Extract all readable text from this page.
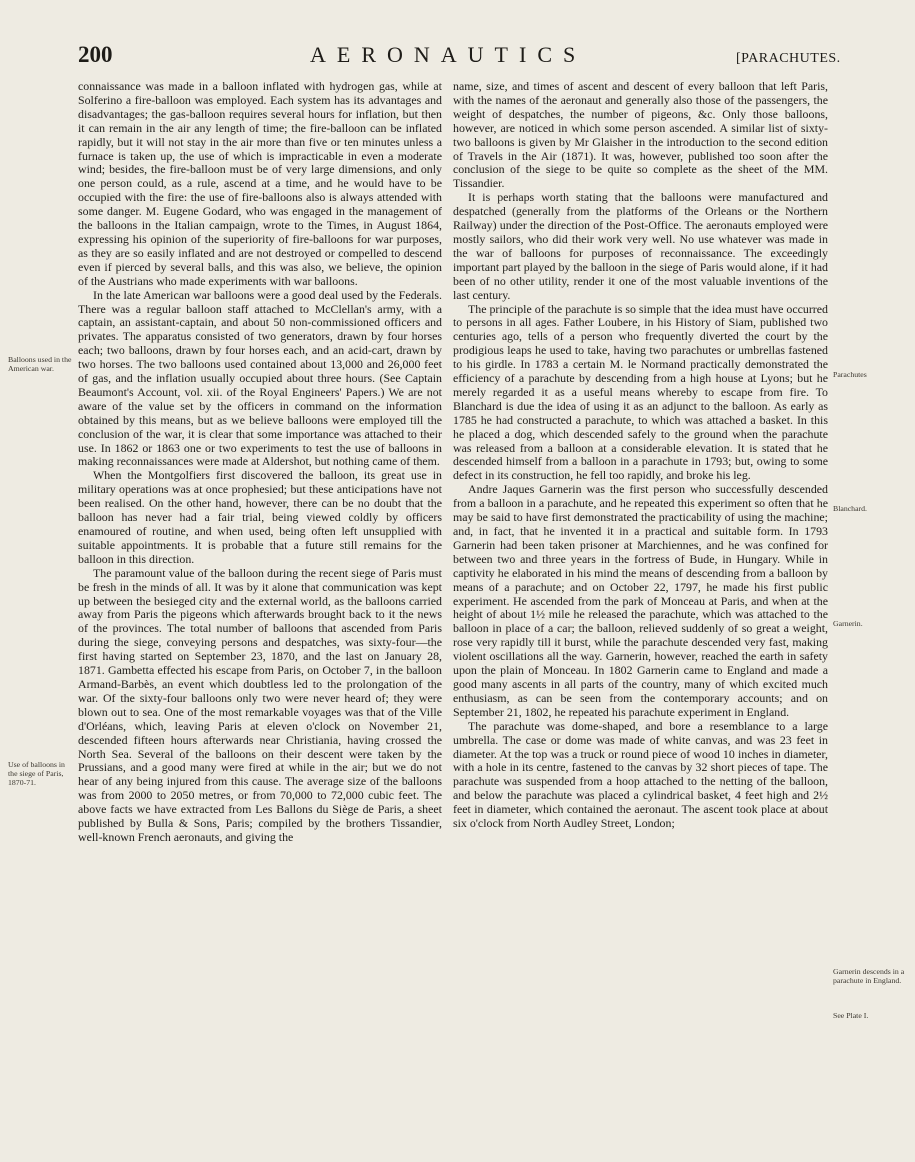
200	AERONAUTICS	[PARACHUTES.

connaissance was made in a balloon inflated with hydrogen gas, while at Solferino a fire-balloon was employed. Each system has its advantages and disadvantages; the gas-balloon requires several hours for inflation, but then it can remain in the air any length of time; the fire-balloon can be inflated rapidly, but it will not stay in the air more than five or ten minutes unless a furnace is taken up, the use of which is impracticable in even a moderate wind; besides, the fire-balloon must be of very large dimensions, and only one person could, as a rule, ascend at a time, and he would have to be occupied with the fire: the use of fire-balloons also is always attended with some danger. M. Eugene Godard, who was engaged in the management of the balloons in the Italian campaign, wrote to the Times, in August 1864, expressing his opinion of the superiority of fire-balloons for war purposes, as they are so easily inflated and are not destroyed or compelled to descend even if pierced by several balls, and this was also, we believe, the opinion of the Austrians who made experiments with war balloons.

In the late American war balloons were a good deal used by the Federals. There was a regular balloon staff attached to McClellan's army, with a captain, an assistant-captain, and about 50 non-commissioned officers and privates. The apparatus consisted of two generators, drawn by four horses each; two balloons, drawn by four horses each, and an acid-cart, drawn by two horses. The two balloons used contained about 13,000 and 26,000 feet of gas, and the inflation usually occupied about three hours. (See Captain Beaumont's Account, vol. xii. of the Royal Engineers' Papers.) We are not aware of the value set by the officers in command on the information obtained by this means, but as we believe balloons were employed till the conclusion of the war, it is clear that some importance was attached to their use. In 1862 or 1863 one or two experiments to test the use of balloons in making reconnaissances were made at Aldershot, but nothing came of them.

When the Montgolfiers first discovered the balloon, its great use in military operations was at once prophesied; but these anticipations have not been realised. On the other hand, however, there can be no doubt that the balloon has never had a fair trial, being viewed coldly by officers enamoured of routine, and when used, being often left unsupplied with suitable appointments. It is probable that a future still remains for the balloon in this direction.

The paramount value of the balloon during the recent siege of Paris must be fresh in the minds of all. It was by it alone that communication was kept up between the besieged city and the external world, as the balloons carried away from Paris the pigeons which afterwards brought back to it the news of the provinces. The total number of balloons that ascended from Paris during the siege, conveying persons and despatches, was sixty-four—the first having started on September 23, 1870, and the last on January 28, 1871. Gambetta effected his escape from Paris, on October 7, in the balloon Armand-Barbès, an event which doubtless led to the prolongation of the war. Of the sixty-four balloons only two were never heard of; they were blown out to sea. One of the most remarkable voyages was that of the Ville d'Orléans, which, leaving Paris at eleven o'clock on November 21, descended fifteen hours afterwards near Christiania, having crossed the North Sea. Several of the balloons on their descent were taken by the Prussians, and a good many were fired at while in the air; but we do not hear of any being injured from this cause. The average size of the balloons was from 2000 to 2050 metres, or from 70,000 to 72,000 cubic feet. The above facts we have extracted from Les Ballons du Siège de Paris, a sheet published by Bulla & Sons, Paris; compiled by the brothers Tissandier, well-known French aeronauts, and giving the

name, size, and times of ascent and descent of every balloon that left Paris, with the names of the aeronaut and generally also those of the passengers, the weight of despatches, the number of pigeons, &c. Only those balloons, however, are noticed in which some person ascended. A similar list of sixty-two balloons is given by Mr Glaisher in the introduction to the second edition of Travels in the Air (1871). It was, however, published too soon after the conclusion of the siege to be quite so complete as the sheet of the MM. Tissandier.

It is perhaps worth stating that the balloons were manufactured and despatched (generally from the platforms of the Orleans or the Northern Railway) under the direction of the Post-Office. The aeronauts employed were mostly sailors, who did their work very well. No use whatever was made in the war of balloons for purposes of reconnaissance. The exceedingly important part played by the balloon in the siege of Paris would alone, if it had been of no other utility, render it one of the most valuable inventions of the last century.

The principle of the parachute is so simple that the idea must have occurred to persons in all ages. Father Loubere, in his History of Siam, published two centuries ago, tells of a person who frequently diverted the court by the prodigious leaps he used to take, having two parachutes or umbrellas fastened to his girdle. In 1783 a certain M. le Normand practically demonstrated the efficiency of a parachute by descending from a high house at Lyons; but he merely regarded it as a useful means whereby to escape from fire. To Blanchard is due the idea of using it as an adjunct to the balloon. As early as 1785 he had constructed a parachute, to which was attached a basket. In this he placed a dog, which descended safely to the ground when the parachute was released from a balloon at a considerable elevation. It is stated that he descended himself from a balloon in a parachute in 1793; but, owing to some defect in its construction, he fell too rapidly, and broke his leg.

Andre Jaques Garnerin was the first person who successfully descended from a balloon in a parachute, and he repeated this experiment so often that he may be said to have first demonstrated the practicability of using the machine; and, in fact, that he invented it in a practical and suitable form. In 1793 Garnerin had been taken prisoner at Marchiennes, and he was confined for between two and three years in the fortress of Bude, in Hungary. While in captivity he elaborated in his mind the means of descending from a balloon by means of a parachute; and on October 22, 1797, he made his first public experiment. He ascended from the park of Monceau at Paris, and when at the height of about 1½ mile he released the parachute, which was attached to the balloon in place of a car; the balloon, relieved suddenly of so great a weight, rose very rapidly till it burst, while the parachute descended very fast, making violent oscillations all the way. Garnerin, however, reached the earth in safety upon the plain of Monceau. In 1802 Garnerin came to England and made a good many ascents in all parts of the country, many of which excited much enthusiasm, as can be seen from the contemporary accounts; and on September 21, 1802, he repeated his parachute experiment in England.

The parachute was dome-shaped, and bore a resemblance to a large umbrella. The case or dome was made of white canvas, and was 23 feet in diameter. At the top was a truck or round piece of wood 10 inches in diameter, with a hole in its centre, fastened to the canvas by 32 short pieces of tape. The parachute was suspended from a hoop attached to the netting of the balloon, and below the parachute was placed a cylindrical basket, 4 feet high and 2½ feet in diameter, which contained the aeronaut. The ascent took place at about six o'clock from North Audley Street, London;

Balloons used in the American war.
Use of balloons in the siege of Paris, 1870-71.
Parachutes
Blanchard.
Garnerin.
Garnerin descends in a parachute in England.
See Plate I.
